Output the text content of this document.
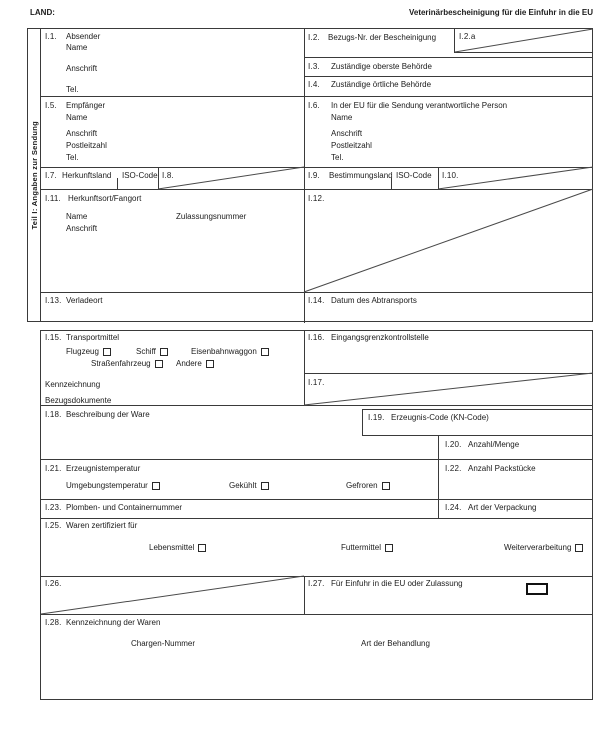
LAND:	Veterinärbescheinigung für die Einfuhr in die EU
Teil I: Angaben zur Sendung
I.1. Absender
Name
Anschrift
Tel.
I.2. Bezugs-Nr. der Bescheinigung	I.2.a
I.3. Zuständige oberste Behörde
I.4. Zuständige örtliche Behörde
I.5. Empfänger
Name
Anschrift
Postleitzahl
Tel.
I.6. In der EU für die Sendung verantwortliche Person
Name
Anschrift
Postleitzahl
Tel.
I.7. Herkunftsland ISO-Code I.8.	I.9. Bestimmungsland ISO-Code I.10.
I.11. Herkunftsort/Fangort
Name	Zulassungsnummer
Anschrift
I.12.
I.13. Verladeort	I.14. Datum des Abtransports
I.15. Transportmittel
Flugzeug	Schiff	Eisenbahnwaggon
Straßenfahrzeug	Andere
Kennzeichnung
Bezugsdokumente
I.16. Eingangsgrenzkontrollstelle
I.17.
I.18. Beschreibung der Ware	I.19. Erzeugnis-Code (KN-Code)
I.20. Anzahl/Menge
I.21. Erzeugnistemperatur
Umgebungstemperatur	Gekühlt	Gefroren
I.22. Anzahl Packstücke
I.23. Plomben- und Containernummer	I.24. Art der Verpackung
I.25. Waren zertifiziert für
Lebensmittel	Futtermittel	Weiterverarbeitung
I.26.	I.27. Für Einfuhr in die EU oder Zulassung
I.28. Kennzeichnung der Waren
Chargen-Nummer	Art der Behandlung
